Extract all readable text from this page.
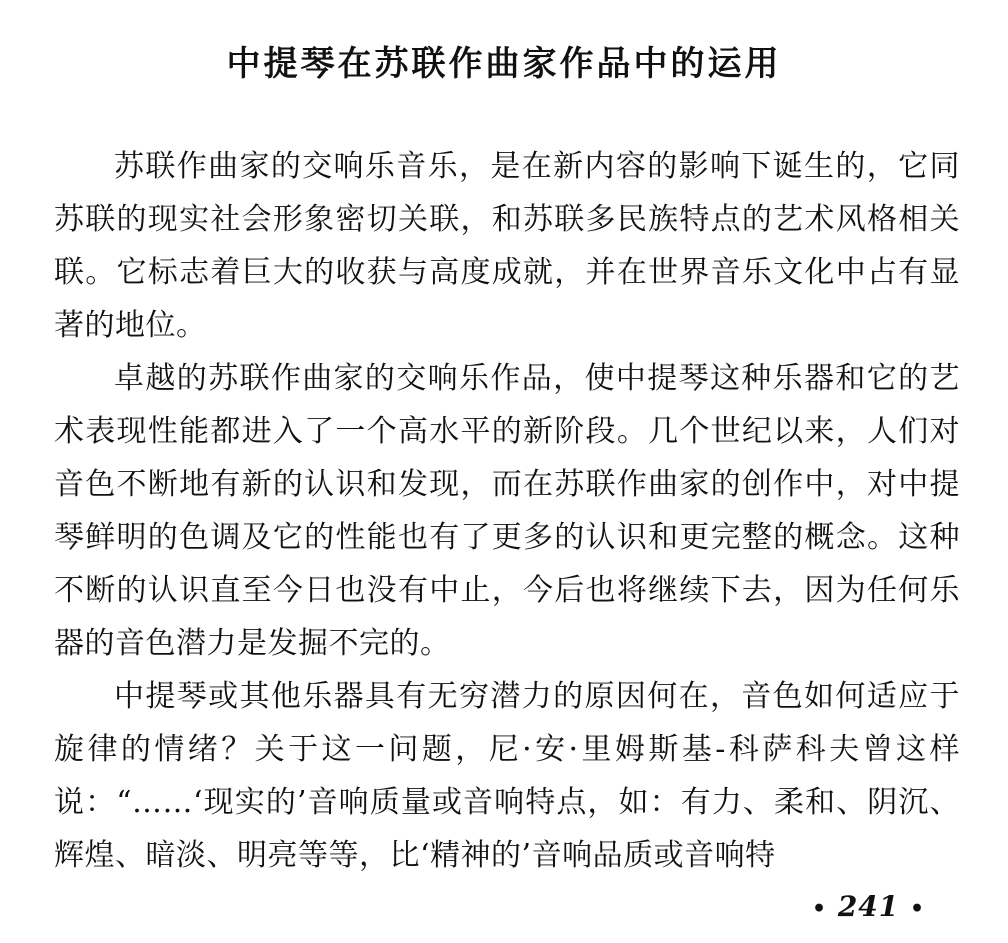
中提琴在苏联作曲家作品中的运用

苏联作曲家的交响乐音乐，是在新内容的影响下诞生的，它同苏联的现实社会形象密切关联，和苏联多民族特点的艺术风格相关联。它标志着巨大的收获与高度成就，并在世界音乐文化中占有显著的地位。

卓越的苏联作曲家的交响乐作品，使中提琴这种乐器和它的艺术表现性能都进入了一个高水平的新阶段。几个世纪以来，人们对音色不断地有新的认识和发现，而在苏联作曲家的创作中，对中提琴鲜明的色调及它的性能也有了更多的认识和更完整的概念。这种不断的认识直至今日也没有中止，今后也将继续下去，因为任何乐器的音色潜力是发掘不完的。

中提琴或其他乐器具有无穷潜力的原因何在，音色如何适应于旋律的情绪？关于这一问题，尼·安·里姆斯基-科萨科夫曾这样说：“……‘现实的’音响质量或音响特点，如：有力、柔和、阴沉、辉煌、暗淡、明亮等等，比‘精神的’音响品质或音响特

• 241 •
